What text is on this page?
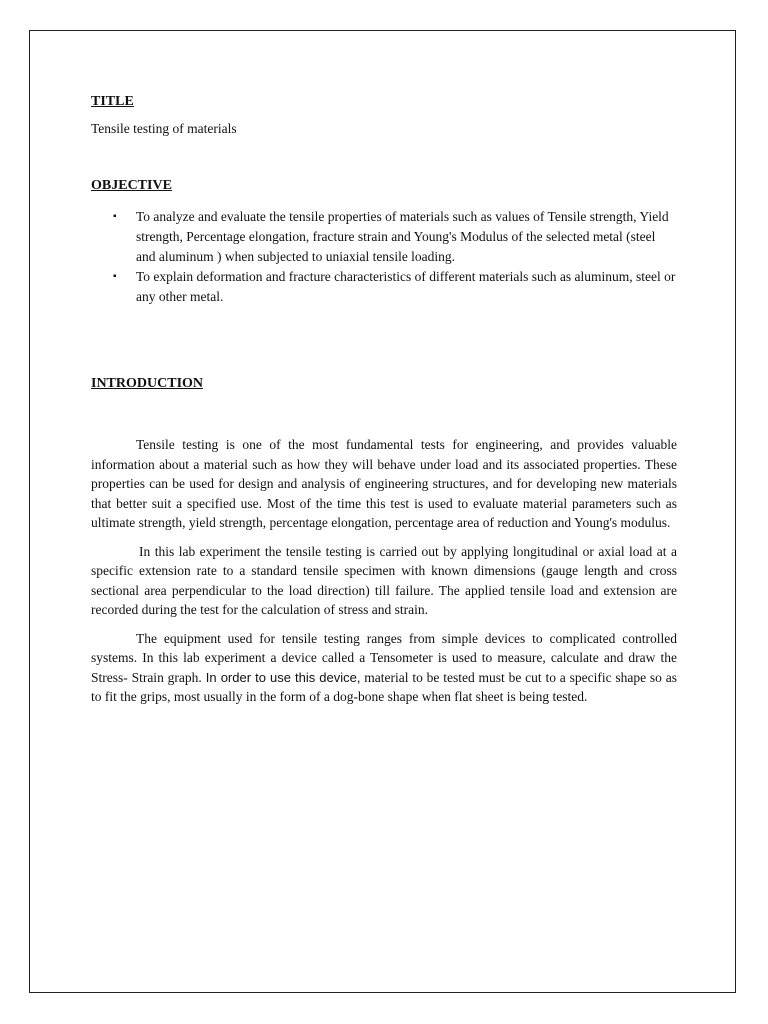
TITLE

Tensile testing of materials

OBJECTIVE
▪ To analyze and evaluate the tensile properties of materials such as values of Tensile strength, Yield strength, Percentage elongation, fracture strain and Young's Modulus of the selected metal (steel and aluminum ) when subjected to uniaxial tensile loading.
▪ To explain deformation and fracture characteristics of different materials such as aluminum, steel or any other metal.
INTRODUCTION

Tensile testing is one of the most fundamental tests for engineering, and provides valuable information about a material such as how they will behave under load and its associated properties. These properties can be used for design and analysis of engineering structures, and for developing new materials that better suit a specified use. Most of the time this test is used to evaluate material parameters such as ultimate strength, yield strength, percentage elongation, percentage area of reduction and Young's modulus.

In this lab experiment the tensile testing is carried out by applying longitudinal or axial load at a specific extension rate to a standard tensile specimen with known dimensions (gauge length and cross sectional area perpendicular to the load direction) till failure. The applied tensile load and extension are recorded during the test for the calculation of stress and strain.

The equipment used for tensile testing ranges from simple devices to complicated controlled systems. In this lab experiment a device called a Tensometer is used to measure, calculate and draw the Stress- Strain graph. In order to use this device, material to be tested must be cut to a specific shape so as to fit the grips, most usually in the form of a dog-bone shape when flat sheet is being tested.
